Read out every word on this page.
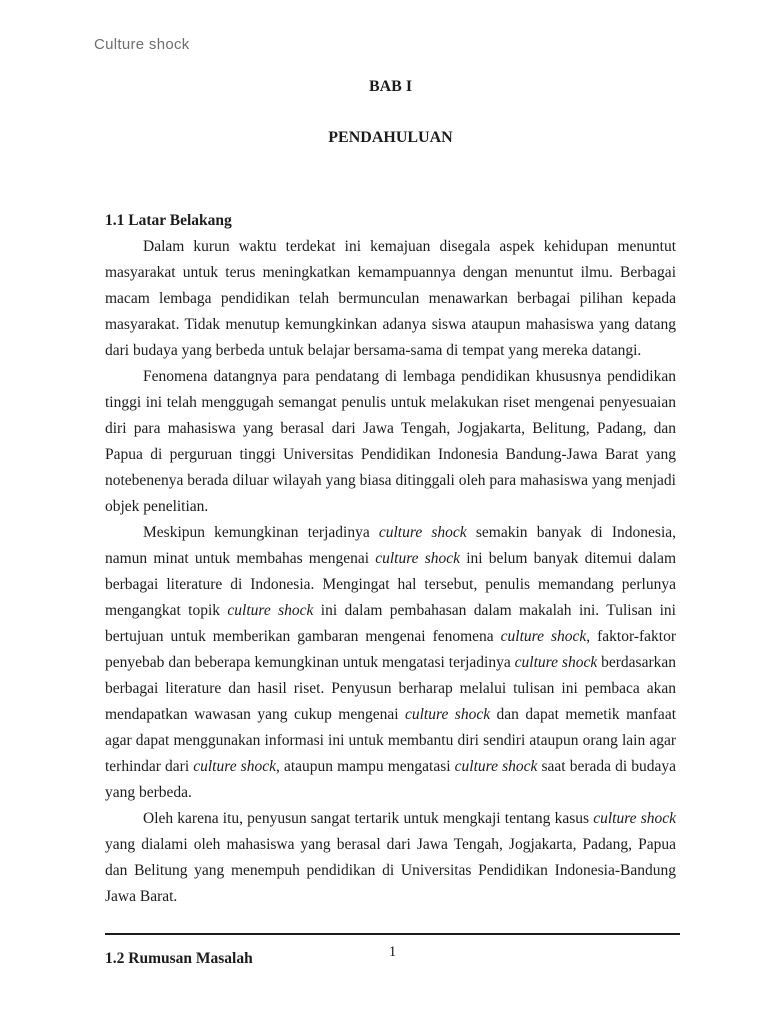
Culture shock
BAB I
PENDAHULUAN
1.1 Latar Belakang

Dalam kurun waktu terdekat ini kemajuan disegala aspek kehidupan menuntut masyarakat untuk terus meningkatkan kemampuannya dengan menuntut ilmu. Berbagai macam lembaga pendidikan telah bermunculan menawarkan berbagai pilihan kepada masyarakat. Tidak menutup kemungkinkan adanya siswa ataupun mahasiswa yang datang dari budaya yang berbeda untuk belajar bersama-sama di tempat yang mereka datangi.

Fenomena datangnya para pendatang di lembaga pendidikan khususnya pendidikan tinggi ini telah menggugah semangat penulis untuk melakukan riset mengenai penyesuaian diri para mahasiswa yang berasal dari Jawa Tengah, Jogjakarta, Belitung, Padang, dan Papua di perguruan tinggi Universitas Pendidikan Indonesia Bandung-Jawa Barat yang notebenenya berada diluar wilayah yang biasa ditinggali oleh para mahasiswa yang menjadi objek penelitian.

Meskipun kemungkinan terjadinya culture shock semakin banyak di Indonesia, namun minat untuk membahas mengenai culture shock ini belum banyak ditemui dalam berbagai literature di Indonesia. Mengingat hal tersebut, penulis memandang perlunya mengangkat topik culture shock ini dalam pembahasan dalam makalah ini. Tulisan ini bertujuan untuk memberikan gambaran mengenai fenomena culture shock, faktor-faktor penyebab dan beberapa kemungkinan untuk mengatasi terjadinya culture shock berdasarkan berbagai literature dan hasil riset. Penyusun berharap melalui tulisan ini pembaca akan mendapatkan wawasan yang cukup mengenai culture shock dan dapat memetik manfaat agar dapat menggunakan informasi ini untuk membantu diri sendiri ataupun orang lain agar terhindar dari culture shock, ataupun mampu mengatasi culture shock saat berada di budaya yang berbeda.

Oleh karena itu, penyusun sangat tertarik untuk mengkaji tentang kasus culture shock yang dialami oleh mahasiswa yang berasal dari Jawa Tengah, Jogjakarta, Padang, Papua dan Belitung yang menempuh pendidikan di Universitas Pendidikan Indonesia-Bandung Jawa Barat.

1.2 Rumusan Masalah	1
